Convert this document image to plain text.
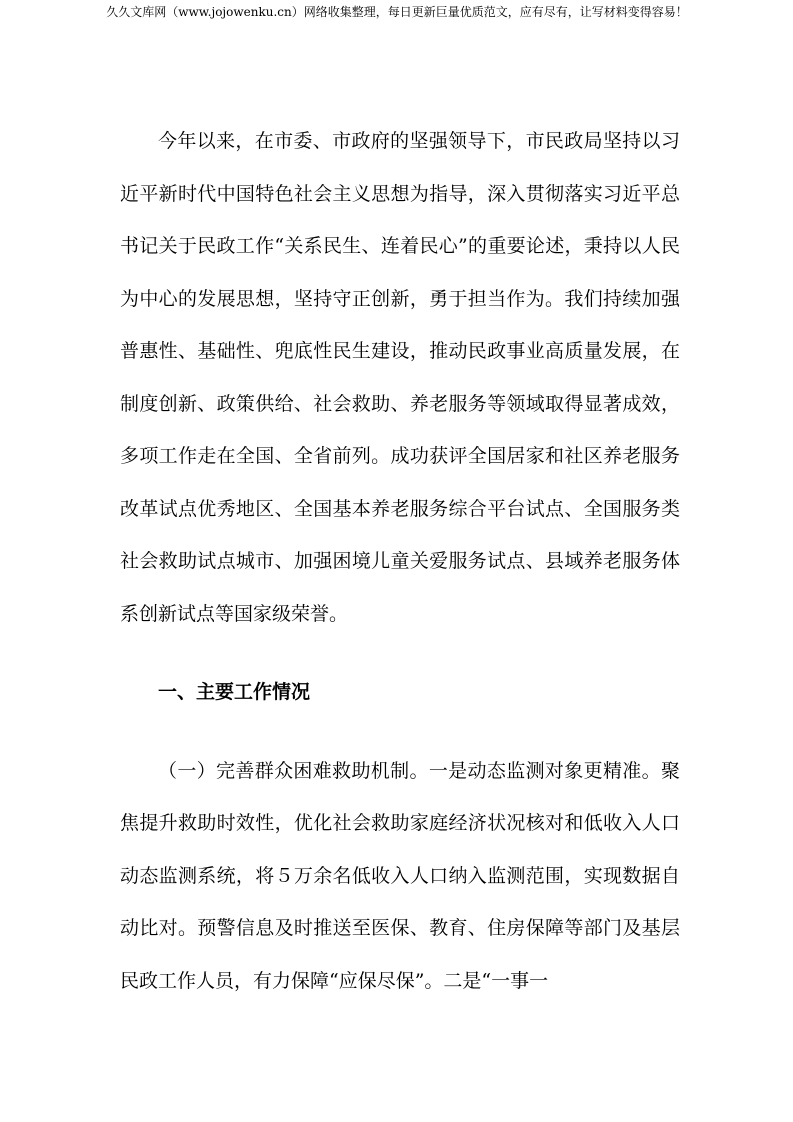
久久文库网（www.jojowenku.cn）网络收集整理，每日更新巨量优质范文，应有尽有，让写材料变得容易！

今年以来，在市委、市政府的坚强领导下，市民政局坚持以习近平新时代中国特色社会主义思想为指导，深入贯彻落实习近平总书记关于民政工作“关系民生、连着民心”的重要论述，秉持以人民为中心的发展思想，坚持守正创新，勇于担当作为。我们持续加强普惠性、基础性、兜底性民生建设，推动民政事业高质量发展，在制度创新、政策供给、社会救助、养老服务等领域取得显著成效，多项工作走在全国、全省前列。成功获评全国居家和社区养老服务改革试点优秀地区、全国基本养老服务综合平台试点、全国服务类社会救助试点城市、加强困境儿童关爱服务试点、县域养老服务体系创新试点等国家级荣誉。

一、主要工作情况

（一）完善群众困难救助机制。一是动态监测对象更精准。聚焦提升救助时效性，优化社会救助家庭经济状况核对和低收入人口动态监测系统，将５万余名低收入人口纳入监测范围，实现数据自动比对。预警信息及时推送至医保、教育、住房保障等部门及基层民政工作人员，有力保障“应保尽保”。二是“一事一
